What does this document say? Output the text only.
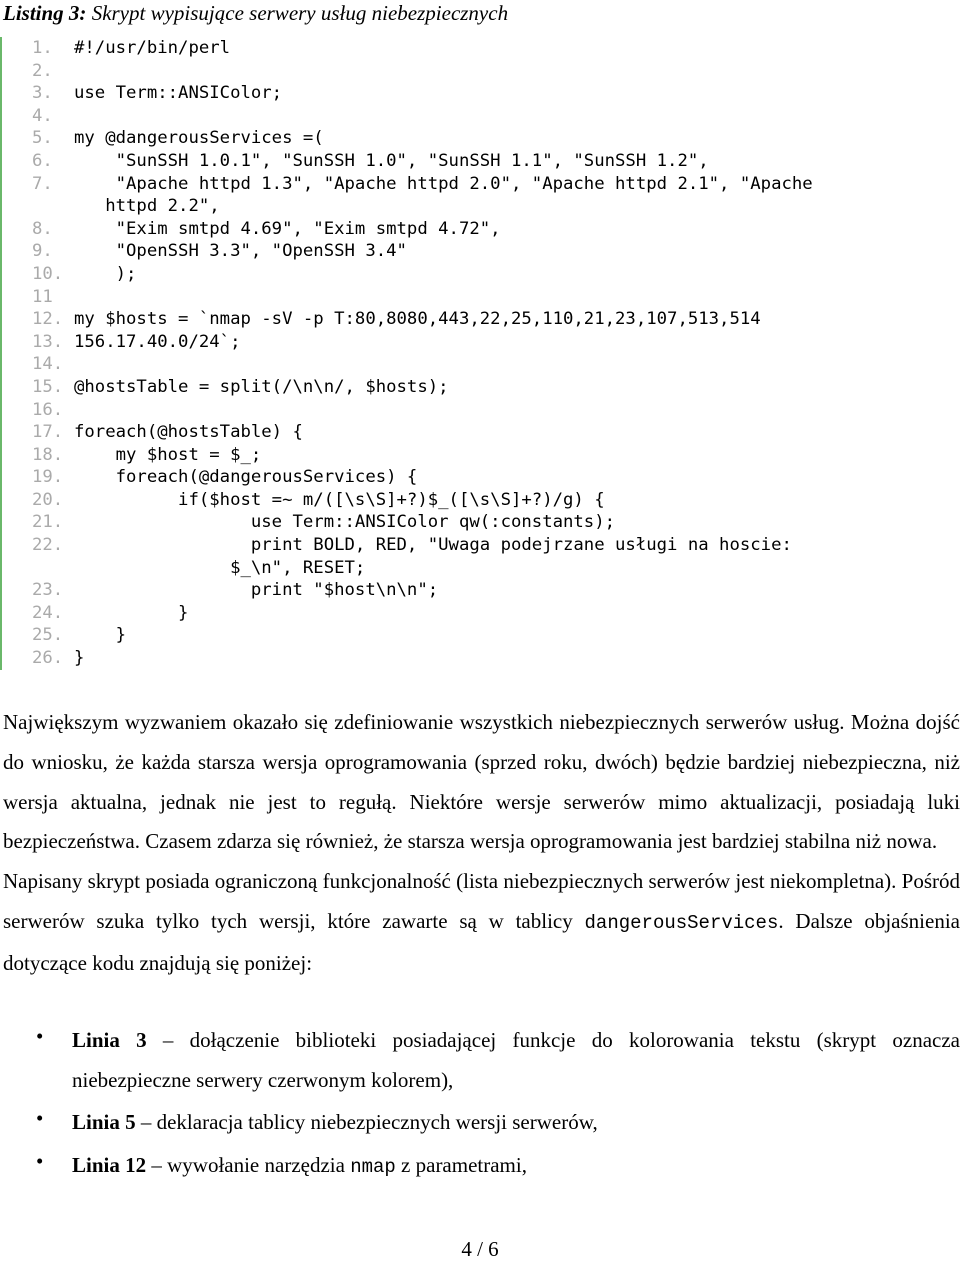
Listing 3: Skrypt wypisujące serwery usług niebezpiecznych
1. #!/usr/bin/perl
2.
3. use Term::ANSIColor;
4.
5. my @dangerousServices =(
6. "SunSSH 1.0.1", "SunSSH 1.0", "SunSSH 1.1", "SunSSH 1.2",
7. "Apache httpd 1.3", "Apache httpd 2.0", "Apache httpd 2.1", "Apache
httpd 2.2",
8. "Exim smtpd 4.69", "Exim smtpd 4.72",
9. "OpenSSH 3.3", "OpenSSH 3.4"
10. );
11
12. my $hosts = `nmap -sV -p T:80,8080,443,22,25,110,21,23,107,513,514
13. 156.17.40.0/24`;
14.
15. @hostsTable = split(/\n\n/, $hosts);
16.
17. foreach(@hostsTable) {
18. my $host = $_;
19. foreach(@dangerousServices) {
20. if($host =~ m/([\s\S]+?)$_([\s\S]+?)/g) {
21. use Term::ANSIColor qw(:constants);
22. print BOLD, RED, "Uwaga podejrzane usługi na hoscie:
$_\n", RESET;
23. print "$host\n\n";
24. }
25. }
26. }

Największym wyzwaniem okazało się zdefiniowanie wszystkich niebezpiecznych serwerów usług. Można dojść do wniosku, że każda starsza wersja oprogramowania (sprzed roku, dwóch) będzie bardziej niebezpieczna, niż wersja aktualna, jednak nie jest to regułą. Niektóre wersje serwerów mimo aktualizacji, posiadają luki bezpieczeństwa. Czasem zdarza się również, że starsza wersja oprogramowania jest bardziej stabilna niż nowa.

Napisany skrypt posiada ograniczoną funkcjonalność (lista niebezpiecznych serwerów jest niekompletna). Pośród serwerów szuka tylko tych wersji, które zawarte są w tablicy dangerousServices. Dalsze objaśnienia dotyczące kodu znajdują się poniżej:

• Linia 3 – dołączenie biblioteki posiadającej funkcje do kolorowania tekstu (skrypt oznacza niebezpieczne serwery czerwonym kolorem),
• Linia 5 – deklaracja tablicy niebezpiecznych wersji serwerów,
• Linia 12 – wywołanie narzędzia nmap z parametrami,
4 / 6
